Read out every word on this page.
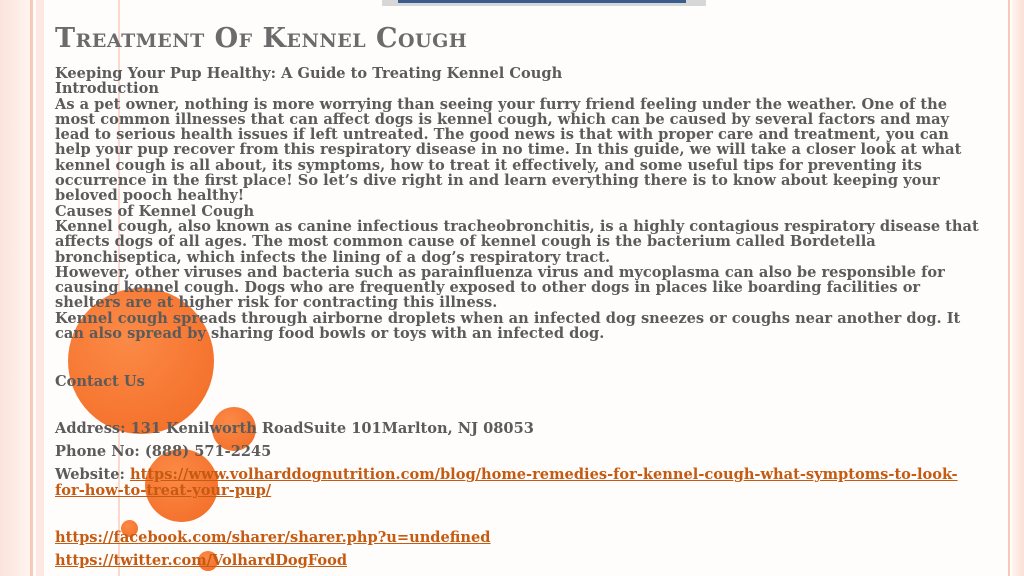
Treatment Of Kennel Cough

Keeping Your Pup Healthy: A Guide to Treating Kennel Cough

Introduction

As a pet owner, nothing is more worrying than seeing your furry friend feeling under the weather. One of the most common illnesses that can affect dogs is kennel cough, which can be caused by several factors and may lead to serious health issues if left untreated. The good news is that with proper care and treatment, you can help your pup recover from this respiratory disease in no time. In this guide, we will take a closer look at what kennel cough is all about, its symptoms, how to treat it effectively, and some useful tips for preventing its occurrence in the first place! So let’s dive right in and learn everything there is to know about keeping your beloved pooch healthy!

Causes of Kennel Cough

Kennel cough, also known as canine infectious tracheobronchitis, is a highly contagious respiratory disease that affects dogs of all ages. The most common cause of kennel cough is the bacterium called Bordetella bronchiseptica, which infects the lining of a dog’s respiratory tract.

However, other viruses and bacteria such as parainfluenza virus and mycoplasma can also be responsible for causing kennel cough. Dogs who are frequently exposed to other dogs in places like boarding facilities or shelters are at higher risk for contracting this illness.

Kennel cough spreads through airborne droplets when an infected dog sneezes or coughs near another dog. It can also spread by sharing food bowls or toys with an infected dog.

Contact Us
Address: 131 Kenilworth RoadSuite 101Marlton, NJ 08053
Phone No: (888) 571-2245
Website: https://www.volharddognutrition.com/blog/home-remedies-for-kennel-cough-what-symptoms-to-look-for-how-to-treat-your-pup/
https://facebook.com/sharer/sharer.php?u=undefined
https://twitter.com/VolhardDogFood
